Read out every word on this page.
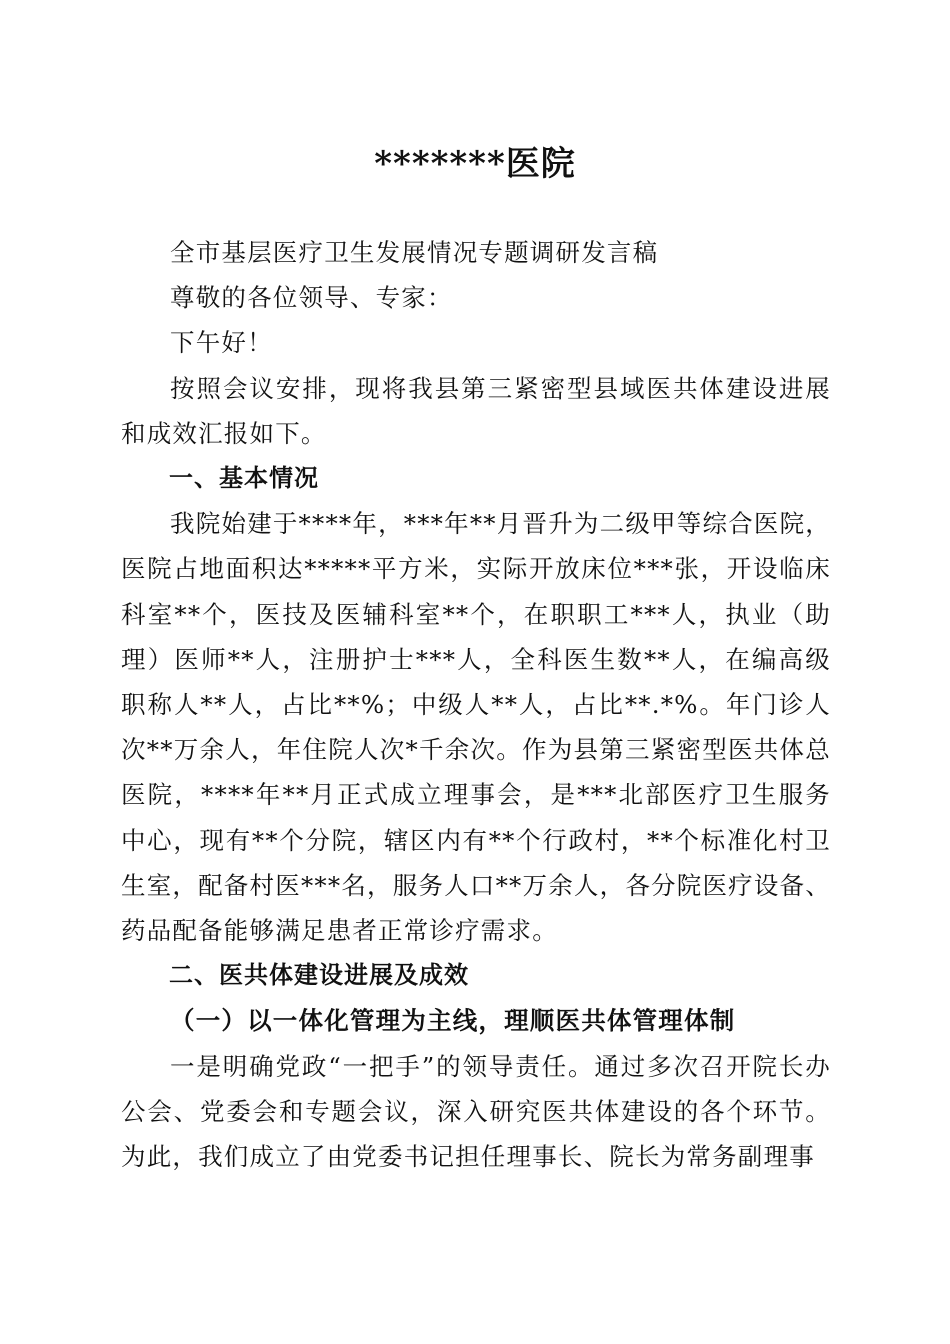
*******医院

全市基层医疗卫生发展情况专题调研发言稿

尊敬的各位领导、专家：

下午好！

按照会议安排，现将我县第三紧密型县域医共体建设进展和成效汇报如下。

一、基本情况

我院始建于****年，***年**月晋升为二级甲等综合医院，医院占地面积达*****平方米，实际开放床位***张，开设临床科室**个，医技及医辅科室**个，在职职工***人，执业（助理）医师**人，注册护士***人，全科医生数**人，在编高级职称人**人，占比**%；中级人**人，占比**.*%。年门诊人次**万余人，年住院人次*千余次。作为县第三紧密型医共体总医院，****年**月正式成立理事会，是***北部医疗卫生服务中心，现有**个分院，辖区内有**个行政村，**个标准化村卫生室，配备村医***名，服务人口**万余人，各分院医疗设备、药品配备能够满足患者正常诊疗需求。

二、医共体建设进展及成效

（一）以一体化管理为主线，理顺医共体管理体制

一是明确党政“一把手”的领导责任。通过多次召开院长办公会、党委会和专题会议，深入研究医共体建设的各个环节。为此，我们成立了由党委书记担任理事长、院长为常务副理事
